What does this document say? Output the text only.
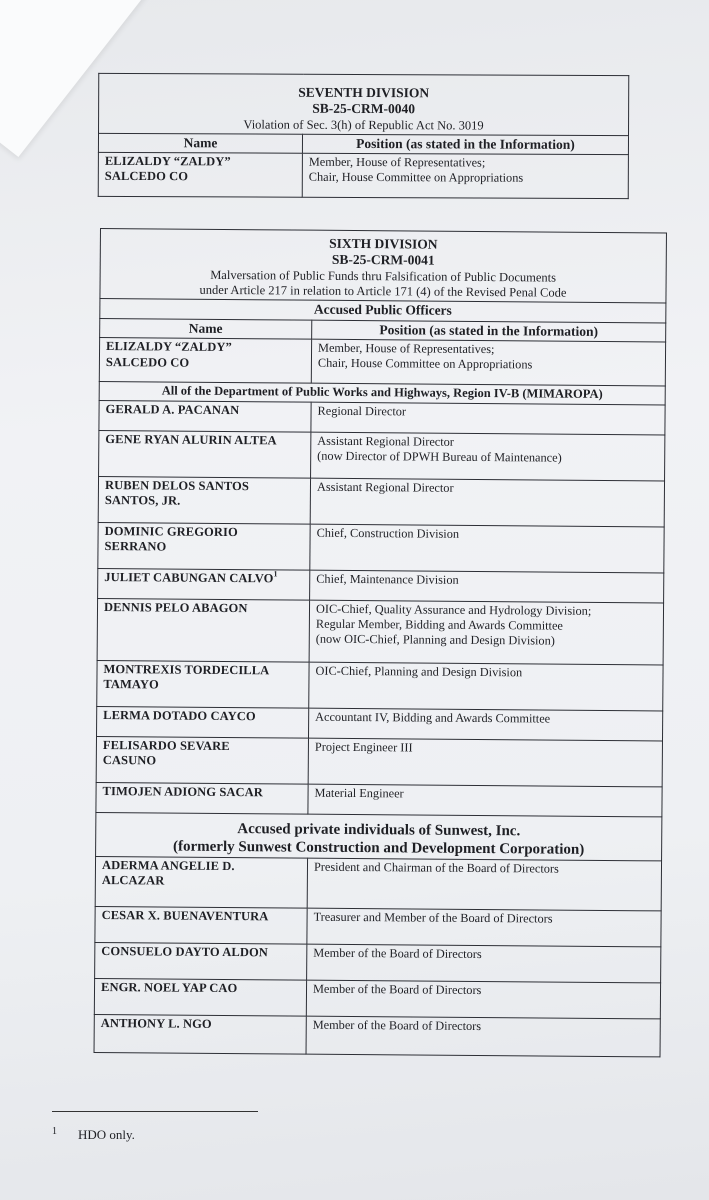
SEVENTH DIVISION
SB-25-CRM-0040
Violation of Sec. 3(h) of Republic Act No. 3019	

Name	Position (as stated in the Information)

ELIZALDY “ZALDY”
SALCEDO CO	Member, House of Representatives;
Chair, House Committee on Appropriations
SIXTH DIVISION
SB-25-CRM-0041
Malversation of Public Funds thru Falsification of Public Documents
under Article 217 in relation to Article 171 (4) of the Revised Penal Code	

Accused Public Officers	
Name	Position (as stated in the Information)

ELIZALDY “ZALDY”
SALCEDO CO	Member, House of Representatives;
Chair, House Committee on Appropriations

All of the Department of Public Works and Highways, Region IV-B (MIMAROPA)	

GERALD A. PACANAN	Regional Director

GENE RYAN ALURIN ALTEA	Assistant Regional Director
(now Director of DPWH Bureau of Maintenance)

RUBEN DELOS SANTOS
SANTOS, JR.	Assistant Regional Director

DOMINIC GREGORIO
SERRANO	Chief, Construction Division

JULIET CABUNGAN CALVO$^1$	Chief, Maintenance Division

DENNIS PELO ABAGON	OIC-Chief, Quality Assurance and Hydrology Division;
Regular Member, Bidding and Awards Committee
(now OIC-Chief, Planning and Design Division)

MONTREXIS TORDECILLA
TAMAYO	OIC-Chief, Planning and Design Division

LERMA DOTADO CAYCO	Accountant IV, Bidding and Awards Committee

FELISARDO SEVARE
CASUNO	Project Engineer III

TIMOJEN ADIONG SACAR	Material Engineer

Accused private individuals of Sunwest, Inc.
(formerly Sunwest Construction and Development Corporation)	

ADERMA ANGELIE D.
ALCAZAR	President and Chairman of the Board of Directors

CESAR X. BUENAVENTURA	Treasurer and Member of the Board of Directors

CONSUELO DAYTO ALDON	Member of the Board of Directors

ENGR. NOEL YAP CAO	Member of the Board of Directors

ANTHONY L. NGO	Member of the Board of Directors
1 HDO only.
